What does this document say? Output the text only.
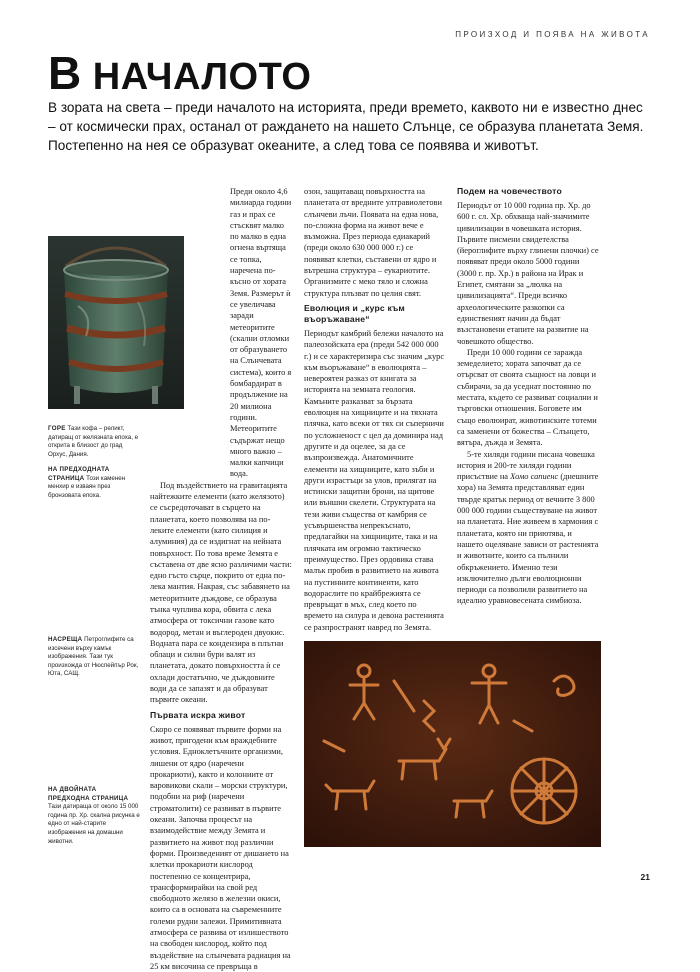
ПРОИЗХОД И ПОЯВА НА ЖИВОТА
В НАЧАЛОТО

В зората на света – преди началото на историята, преди времето, каквото ни е известно днес – от космически прах, останал от раждането на нашето Слънце, се образува планетата Земя. Постепенно на нея се образуват океаните, а след това се появява и животът.

Преди около 4,6 милиарда години газ и прах се стъсквят малко по малко в една огнена въртяща се топка, наречена по-късно от хората Земя. Размерът ѝ се увеличава заради метеоритите (скални отломки от образуването на Слънчевата система), които я бомбардират в продължение на 20 милиона години. Метеоритите съдържат нещо много важно – малки капчици вода.

Под въздействието на гравитацията найтежките елементи (като желязото) се съсредоточават в сърцето на планетата, което позволява на по-леките елементи (като силиция и алуминия) да се издигнат на нейната повърхност. По това време Земята е съставена от две ясно различими части: едно гъсто сърце, покрито от една по-лека мантия. Накрая, със забавянето на метеоритните дъждове, се образува тънка чуплива кора, обвита с лека атмосфера от токсични газове като водород, метан и въглероден двуокис. Водната пара се кондензира в плътни облаци и силни бури валят из планетата, докато повърхността ѝ се охлади достатъчно, че дъждовните води да се запазят и да образуват първите океани.

Първата искра живот

Скоро се появяват първите форми на живот, пригодени към враждебните условия. Едноклетъчните организми, лишени от ядро (наречени прокариоти), както и колониите от варовикови скали – морски структури, подобни на риф (наречени строматолити) се развиват в първите океани. Започва процесът на взаимодействие между Земята и развитието на живот под различни форми. Произведеният от дишането на клетки прокариоти кислород постепенно се концентрира, трансформирайки на свой ред свободното желязо в железни окиси, които са в основата на съвременните големи рудни залежи. Примитивната атмосфера се развива от излишеството на свободен кислород, който под въздействие на слънчевата радиация на 25 км височина се превръща в

озон, защитаващ повърхността на планетата от вредните ултравиолетови слънчеви лъчи. Появата на една нова, по-сложна форма на живот вече е възможна. През периода едиакарий (преди около 630 000 000 г.) се появяват клетки, съставени от ядро и вътрешна структура – еукариотите. Организмите с меко тяло и сложна структура плъзват по целия свят.

Еволюция и „курс към въоръжаване“

Периодът камбрий бележи началото на палеозойската ера (преди 542 000 000 г.) и се характеризира със значим „курс към въоръжаване“ в еволюцията – невероятен разказ от книгата за историята на земната геология. Камъните разказват за бързата еволюция на хищниците и на тяхната плячка, като всеки от тях си съперничи по усложненост с цел да доминира над другите и да оцелее, за да се възпроизвежда. Анатомичните елементи на хищниците, като зъби и други израстъци за улов, прилягат на истински защитни брони, на щитове или външни скелети. Структурата на тези живи същества от камбрия се усъвършенства непрекъснато, предлагайки на хищниците, така и на плячката им огромно тактическо преимущество. През ордовика става малък пробив в развитието на живота на пустинните континенти, като водораслите по крайбрежията се превръщат в мъх, след което по времето на силура и девона растенията се разпространят навред по Земята.

Подем на човечеството

Периодът от 10 000 година пр. Хр. до 600 г. сл. Хр. обхваща най-значимите цивилизации в човешката история. Първите писмени свидетелства (йероглифите върху глинени плочки) се появяват преди около 5000 години (3000 г. пр. Хр.) в района на Ирак и Египет, смятани за „люлка на цивилизацията“. Преди всичко археологическите разкопки са единственият начин да бъдат възстановени етапите на развитие на човешкото общество.

Преди 10 000 години се заражда земеделието; хората започват да се отърсват от своята същност на ловци и събирачи, за да уседнат постоянно по местата, където се развиват социални и търговски отношения. Боговете им също еволюират, животинските тотеми са заменени от божества – Слънцето, вятъра, дъжда и Земята.

5-те хиляди години писана човешка история и 200-те хиляди години присъствие на Хомо сапиенс (днешните хора) на Земята представляват един твърде кратък период от вечните 3 800 000 000 години съществуване на живот на планетата. Ние живеем в хармония с планетата, която ни приютява, и нашето оцеляване зависи от растенията и животните, които са пълнили обкръжението. Именно тези изключително дълги еволюционни периоди са позволили развитието на идеално уравновесената симбиоза.

ГОРЕ Тази кофа – реликт, датиращ от желязната епоха, е открита в близост до град Орхус, Дания.

НА ПРЕДХОДНАТА СТРАНИЦА Този каменен менхир е изваян през бронзовата епоха.

НАСРЕЩА Петроглифите са изсечени върху камък изображения. Тази тук произхожда от Нюспейпър Рок, Юта, САЩ.

НА ДВОЙНАТА ПРЕДХОДНА СТРАНИЦА Тази датираща от около 15 000 година пр. Хр. скална рисунка е едно от най-старите изображения на домашни животни.

21
